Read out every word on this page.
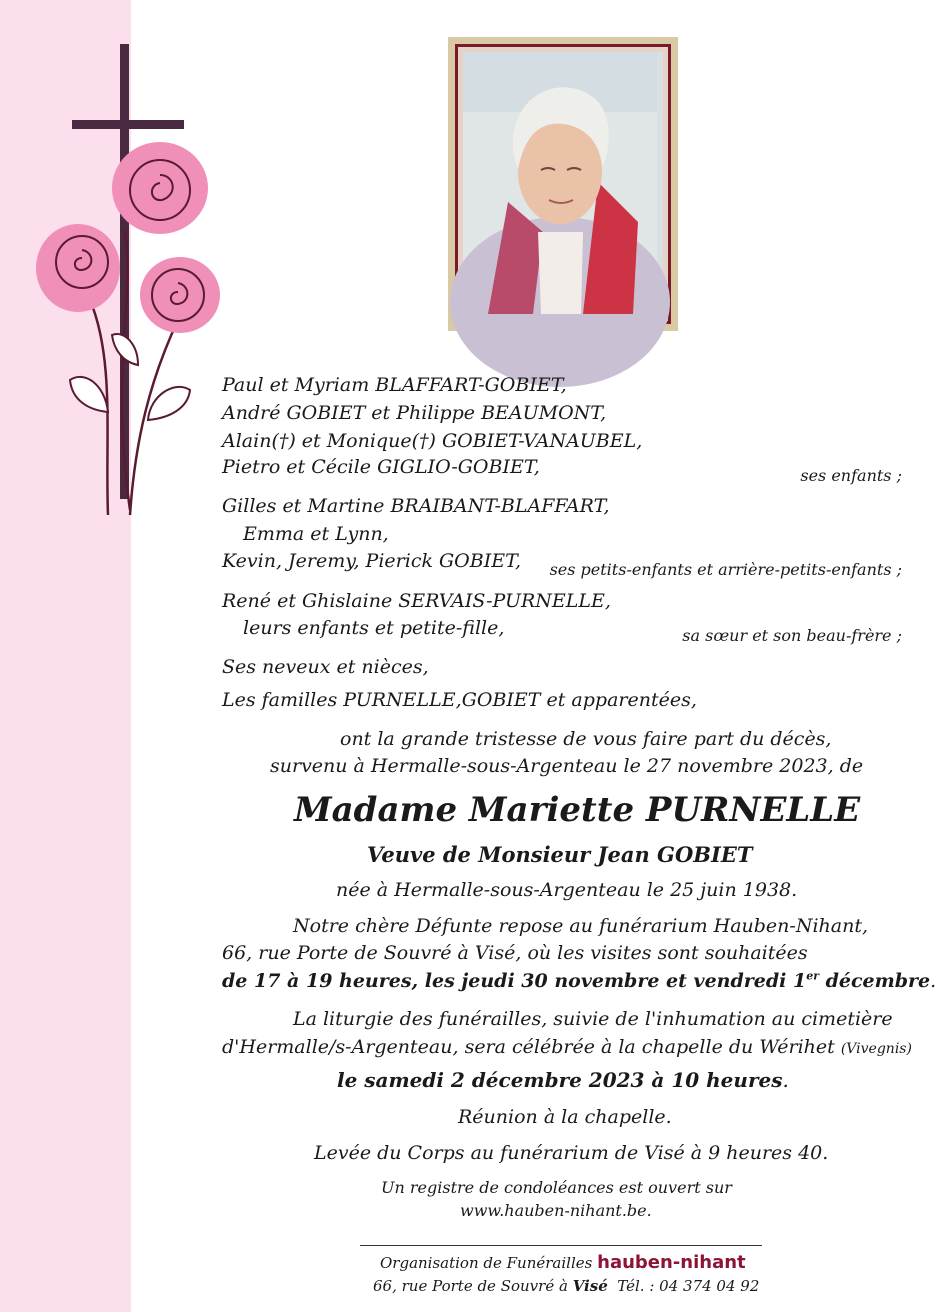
Paul et Myriam BLAFFART-GOBIET,
André GOBIET et Philippe BEAUMONT,
Alain(†) et Monique(†) GOBIET-VANAUBEL,
Pietro et Cécile GIGLIO-GOBIET,	ses enfants ;
Gilles et Martine BRAIBANT-BLAFFART,
Emma et Lynn,
Kevin, Jeremy, Pierick GOBIET, ses petits-enfants et arrière-petits-enfants ;
René et Ghislaine SERVAIS-PURNELLE,
leurs enfants et petite-fille,	sa sœur et son beau-frère ;
Ses neveux et nièces,
Les familles PURNELLE,GOBIET et apparentées,
ont la grande tristesse de vous faire part du décès,
survenu à Hermalle-sous-Argenteau le 27 novembre 2023, de
Madame Mariette PURNELLE
Veuve de Monsieur Jean GOBIET
née à Hermalle-sous-Argenteau le 25 juin 1938.
Notre chère Défunte repose au funérarium Hauben-Nihant,
66, rue Porte de Souvré à Visé, où les visites sont souhaitées
de 17 à 19 heures, les jeudi 30 novembre et vendredi 1er décembre.
La liturgie des funérailles, suivie de l'inhumation au cimetière
d'Hermalle/s-Argenteau, sera célébrée à la chapelle du Wérihet (Vivegnis)
le samedi 2 décembre 2023 à 10 heures.
Réunion à la chapelle.
Levée du Corps au funérarium de Visé à 9 heures 40.
Un registre de condoléances est ouvert sur
www.hauben-nihant.be.
Organisation de Funérailles hauben-nihant
66, rue Porte de Souvré à Visé Tél. : 04 374 04 92
